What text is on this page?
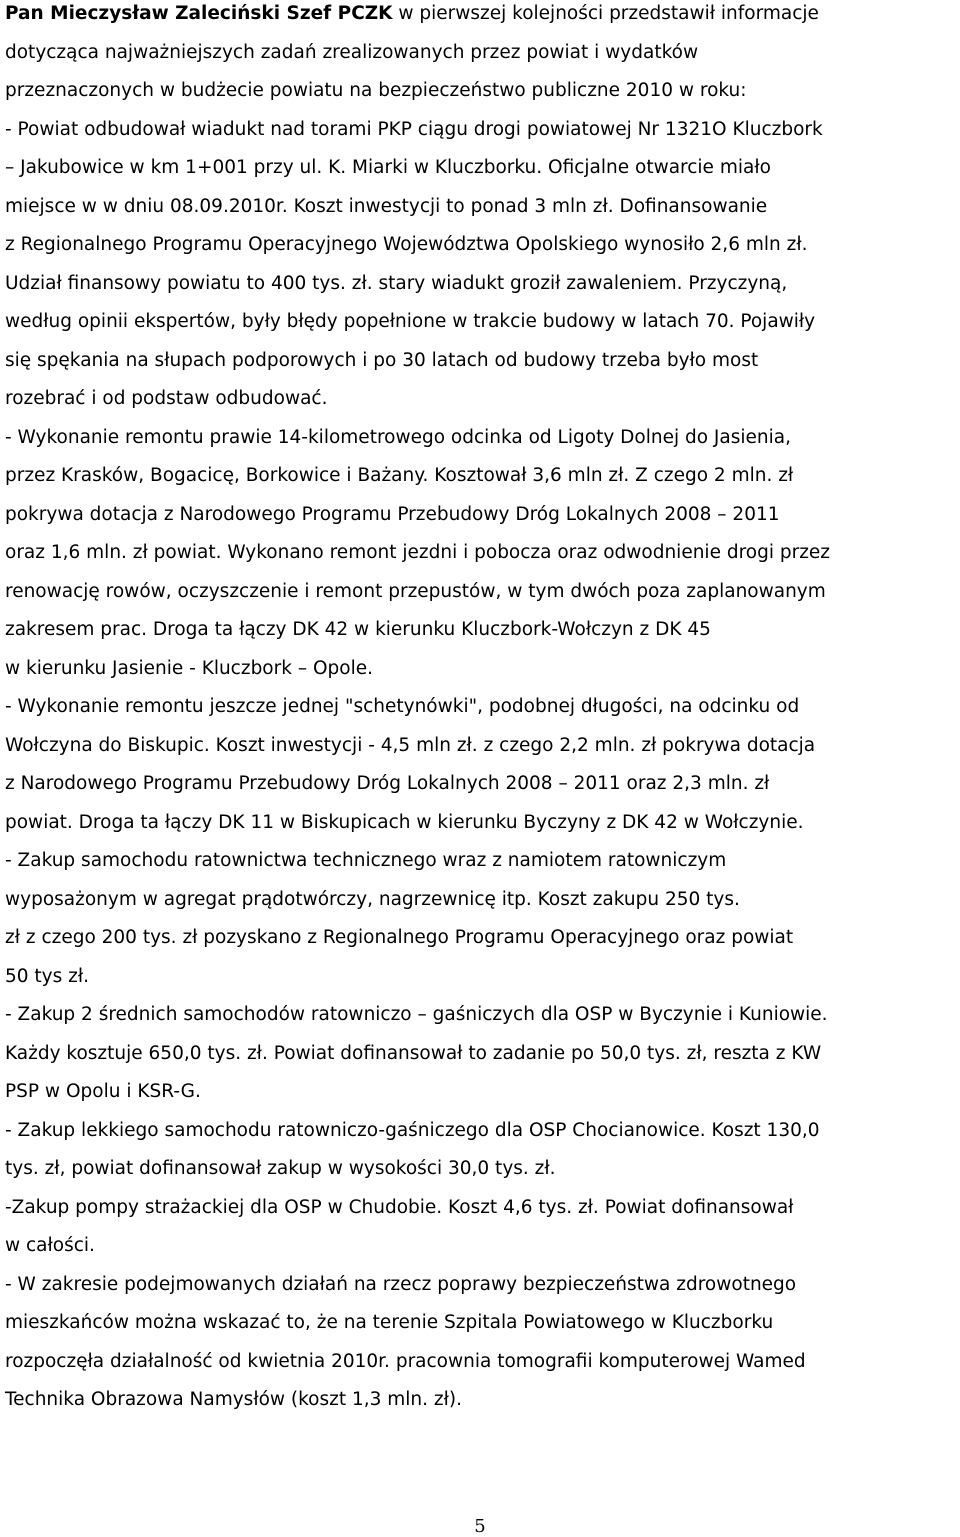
Pan Mieczysław Zaleciński Szef PCZK w pierwszej kolejności przedstawił informacje
dotycząca najważniejszych zadań zrealizowanych przez powiat i wydatków
przeznaczonych w budżecie powiatu na bezpieczeństwo publiczne 2010 w roku:
- Powiat odbudował wiadukt nad torami PKP ciągu drogi powiatowej Nr 1321O Kluczbork
– Jakubowice w km 1+001 przy ul. K. Miarki w Kluczborku. Oficjalne otwarcie miało
miejsce w w dniu 08.09.2010r. Koszt inwestycji to ponad 3 mln zł. Dofinansowanie
z Regionalnego Programu Operacyjnego Województwa Opolskiego wynosiło 2,6 mln zł.
Udział finansowy powiatu to 400 tys. zł. stary wiadukt groził zawaleniem. Przyczyną,
według opinii ekspertów, były błędy popełnione w trakcie budowy w latach 70. Pojawiły
się spękania na słupach podporowych i po 30 latach od budowy trzeba było most
rozebrać i od podstaw odbudować.
- Wykonanie remontu prawie 14-kilometrowego odcinka od Ligoty Dolnej do Jasienia,
przez Krasków, Bogacicę, Borkowice i Bażany. Kosztował 3,6 mln zł. Z czego 2 mln. zł
pokrywa dotacja z Narodowego Programu Przebudowy Dróg Lokalnych 2008 – 2011
oraz 1,6 mln. zł powiat. Wykonano remont jezdni i pobocza oraz odwodnienie drogi przez
renowację rowów, oczyszczenie i remont przepustów, w tym dwóch poza zaplanowanym
zakresem prac. Droga ta łączy DK 42 w kierunku Kluczbork-Wołczyn z DK 45
w kierunku Jasienie - Kluczbork – Opole.
- Wykonanie remontu jeszcze jednej "schetynówki", podobnej długości, na odcinku od
Wołczyna do Biskupic. Koszt inwestycji - 4,5 mln zł. z czego 2,2 mln. zł pokrywa dotacja
z Narodowego Programu Przebudowy Dróg Lokalnych 2008 – 2011 oraz 2,3 mln. zł
powiat. Droga ta łączy DK 11 w Biskupicach w kierunku Byczyny z DK 42 w Wołczynie.
- Zakup samochodu ratownictwa technicznego wraz z namiotem ratowniczym
wyposażonym w agregat prądotwórczy, nagrzewnicę itp. Koszt zakupu 250 tys.
zł z czego 200 tys. zł pozyskano z Regionalnego Programu Operacyjnego oraz powiat
50 tys zł.
- Zakup 2 średnich samochodów ratowniczo – gaśniczych dla OSP w Byczynie i Kuniowie.
Każdy kosztuje 650,0 tys. zł. Powiat dofinansował to zadanie po 50,0 tys. zł, reszta z KW
PSP w Opolu i KSR-G.
- Zakup lekkiego samochodu ratowniczo-gaśniczego dla OSP Chocianowice. Koszt 130,0
tys. zł, powiat dofinansował zakup w wysokości 30,0 tys. zł.
-Zakup pompy strażackiej dla OSP w Chudobie. Koszt 4,6 tys. zł. Powiat dofinansował
w całości.
- W zakresie podejmowanych działań na rzecz poprawy bezpieczeństwa zdrowotnego
mieszkańców można wskazać to, że na terenie Szpitala Powiatowego w Kluczborku
rozpoczęła działalność od kwietnia 2010r. pracownia tomografii komputerowej Wamed
Technika Obrazowa Namysłów (koszt 1,3 mln. zł).
5
